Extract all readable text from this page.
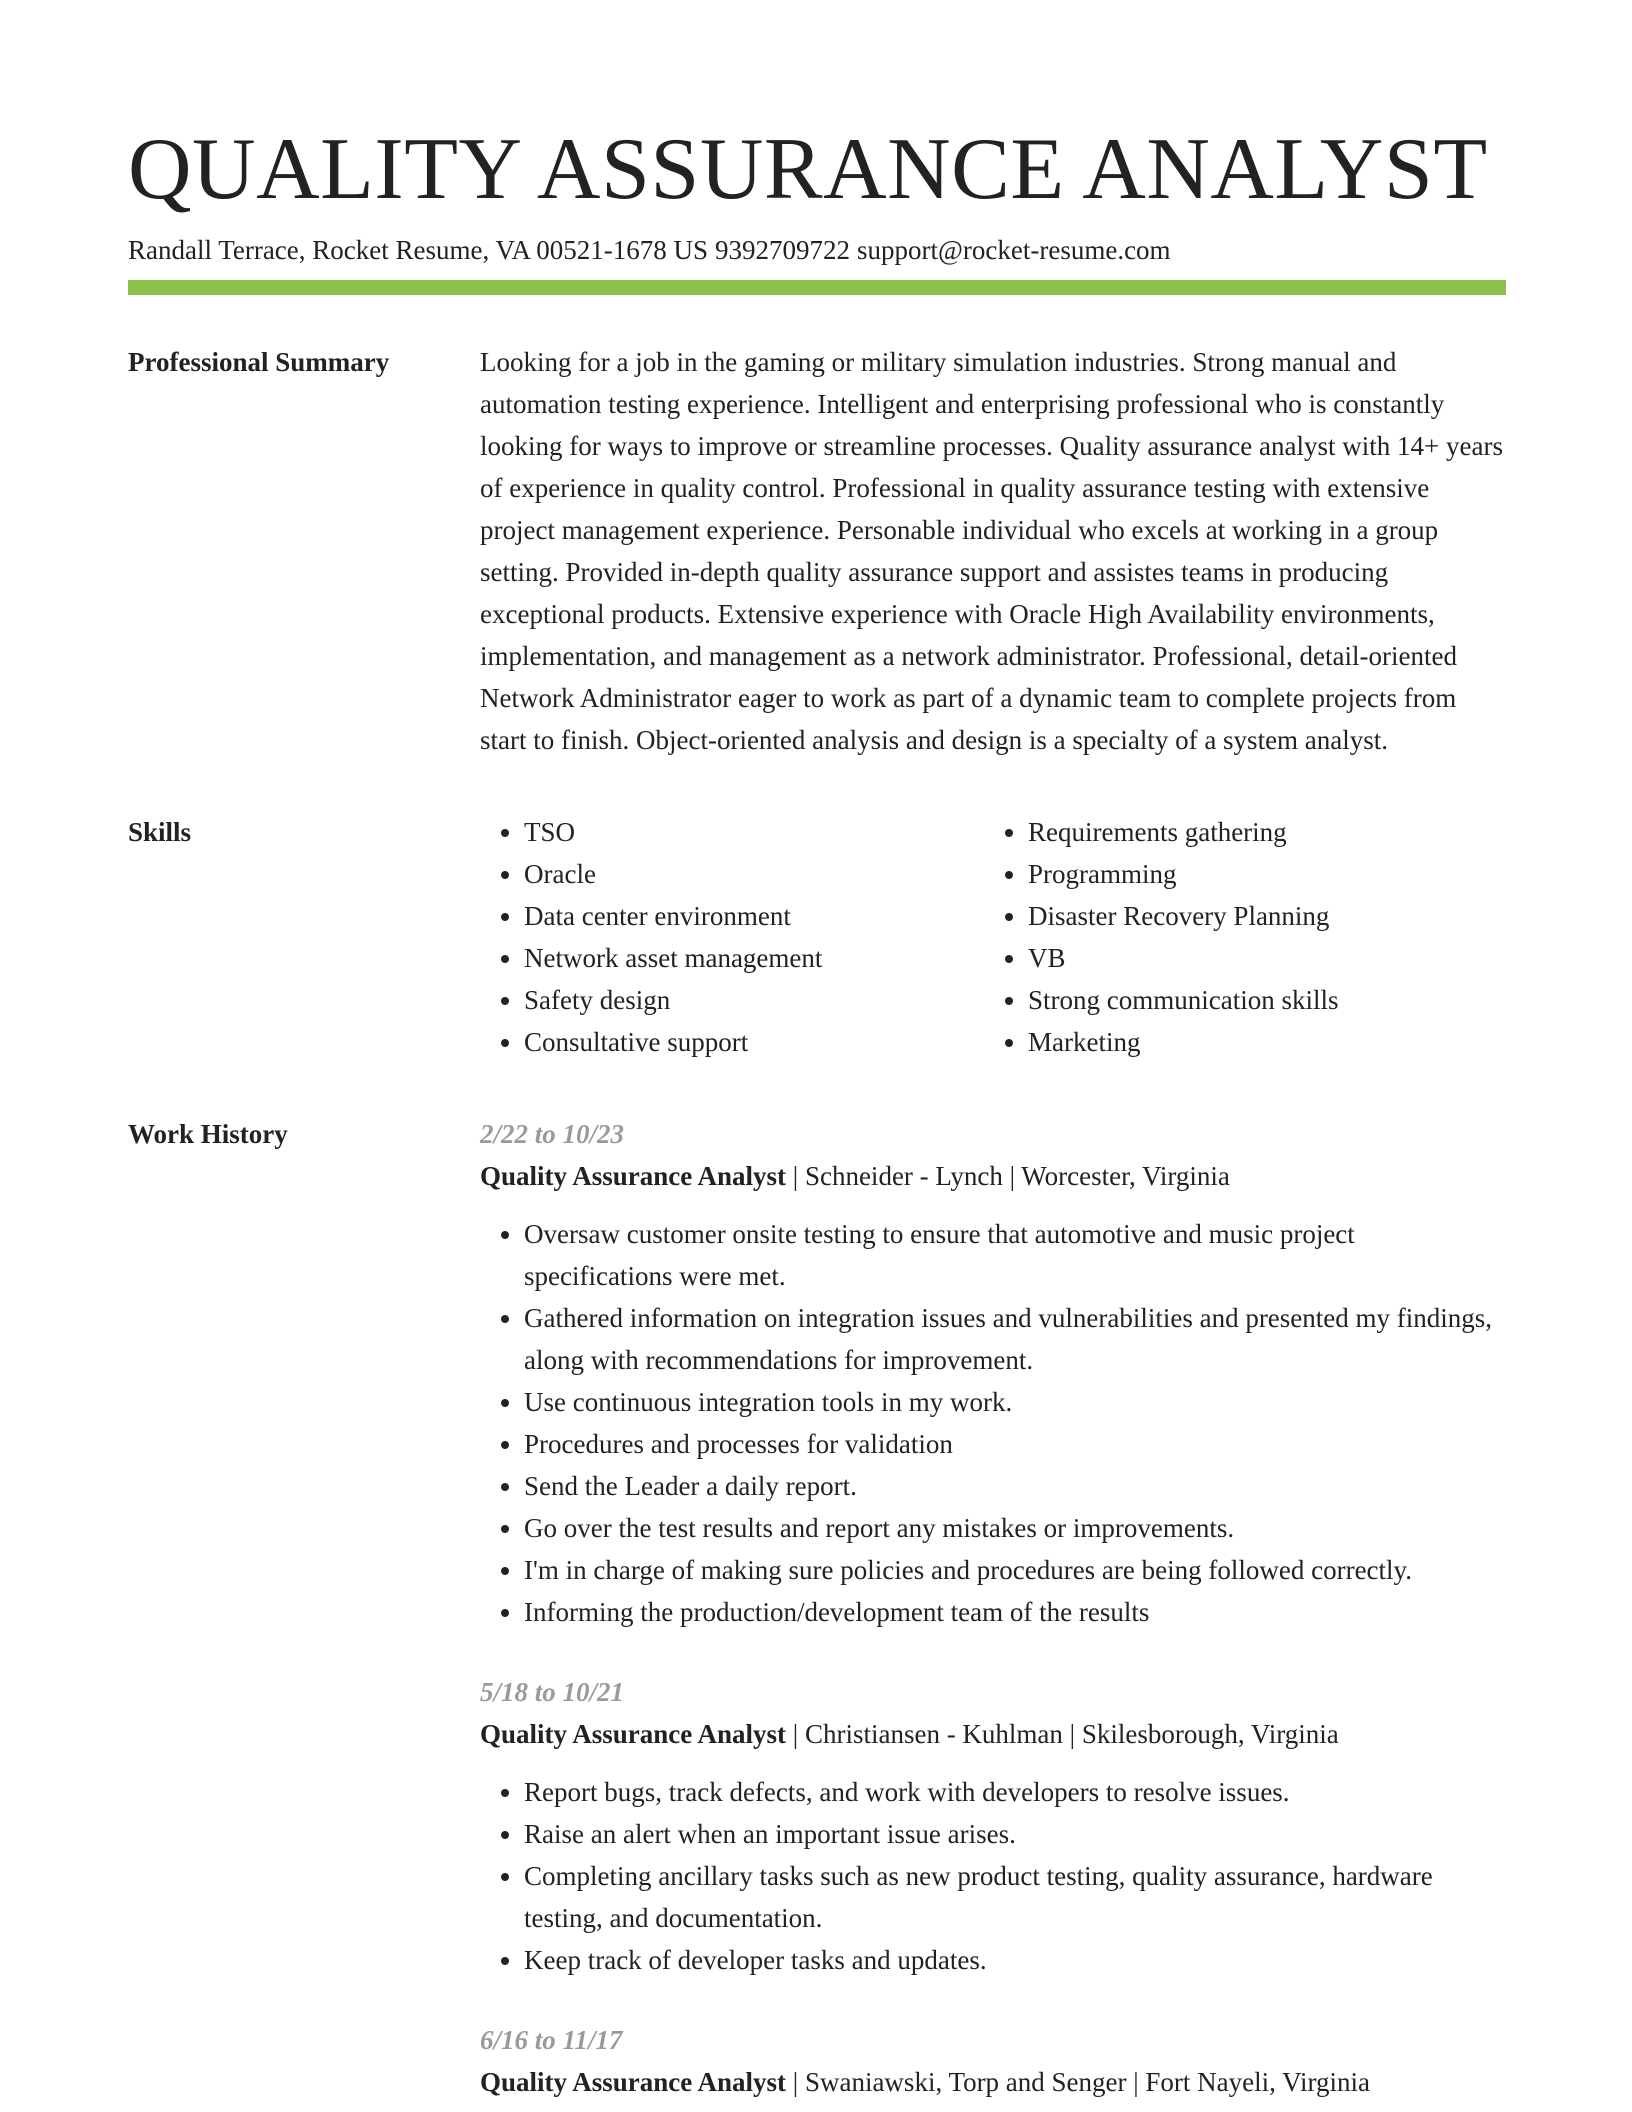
QUALITY ASSURANCE ANALYST
Randall Terrace, Rocket Resume, VA 00521-1678 US 9392709722 support@rocket-resume.com
Professional Summary	Looking for a job in the gaming or military simulation industries. Strong manual and automation testing experience. Intelligent and enterprising professional who is constantly looking for ways to improve or streamline processes. Quality assurance analyst with 14+ years of experience in quality control. Professional in quality assurance testing with extensive project management experience. Personable individual who excels at working in a group setting. Provided in-depth quality assurance support and assistes teams in producing exceptional products. Extensive experience with Oracle High Availability environments, implementation, and management as a network administrator. Professional, detail-oriented Network Administrator eager to work as part of a dynamic team to complete projects from start to finish. Object-oriented analysis and design is a specialty of a system analyst.

Skills
•	TSO
• Oracle
• Data center environment
• Network asset management
• Safety design
• Consultative support
• Requirements gathering
• Programming
• Disaster Recovery Planning
• VB
• Strong communication skills
• Marketing
Work History	2/22 to 10/23
Quality Assurance Analyst | Schneider - Lynch | Worcester, Virginia
• Oversaw customer onsite testing to ensure that automotive and music project specifications were met.
• Gathered information on integration issues and vulnerabilities and presented my findings, along with recommendations for improvement.
• Use continuous integration tools in my work.
• Procedures and processes for validation
• Send the Leader a daily report.
• Go over the test results and report any mistakes or improvements.
• I'm in charge of making sure policies and procedures are being followed correctly.
• Informing the production/development team of the results
5/18 to 10/21
Quality Assurance Analyst | Christiansen - Kuhlman | Skilesborough, Virginia
• Report bugs, track defects, and work with developers to resolve issues.
• Raise an alert when an important issue arises.
• Completing ancillary tasks such as new product testing, quality assurance, hardware testing, and documentation.
• Keep track of developer tasks and updates.
6/16 to 11/17
Quality Assurance Analyst | Swaniawski, Torp and Senger | Fort Nayeli, Virginia
